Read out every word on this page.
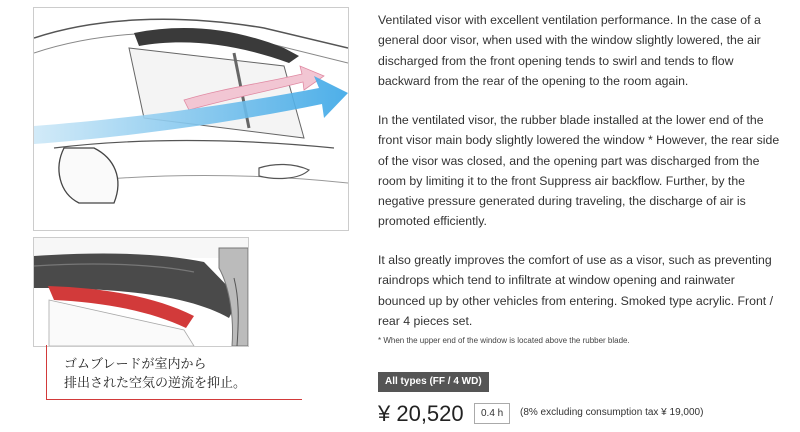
ゴムブレードが室内から
排出された空気の逆流を抑止。

Ventilated visor with excellent ventilation performance. In the case of a general door visor, when used with the window slightly lowered, the air discharged from the front opening tends to swirl and tends to flow backward from the rear of the opening to the room again.

In the ventilated visor, the rubber blade installed at the lower end of the front visor main body slightly lowered the window * However, the rear side of the visor was closed, and the opening part was discharged from the room by limiting it to the front Suppress air backflow. Further, by the negative pressure generated during traveling, the discharge of air is promoted efficiently.

It also greatly improves the comfort of use as a visor, such as preventing raindrops which tend to infiltrate at window opening and rainwater bounced up by other vehicles from entering. Smoked type acrylic. Front / rear 4 pieces set.

* When the upper end of the window is located above the rubber blade.
All types (FF / 4 WD)
¥ 20,520	0.4 h	(8% excluding consumption tax ¥ 19,000)
